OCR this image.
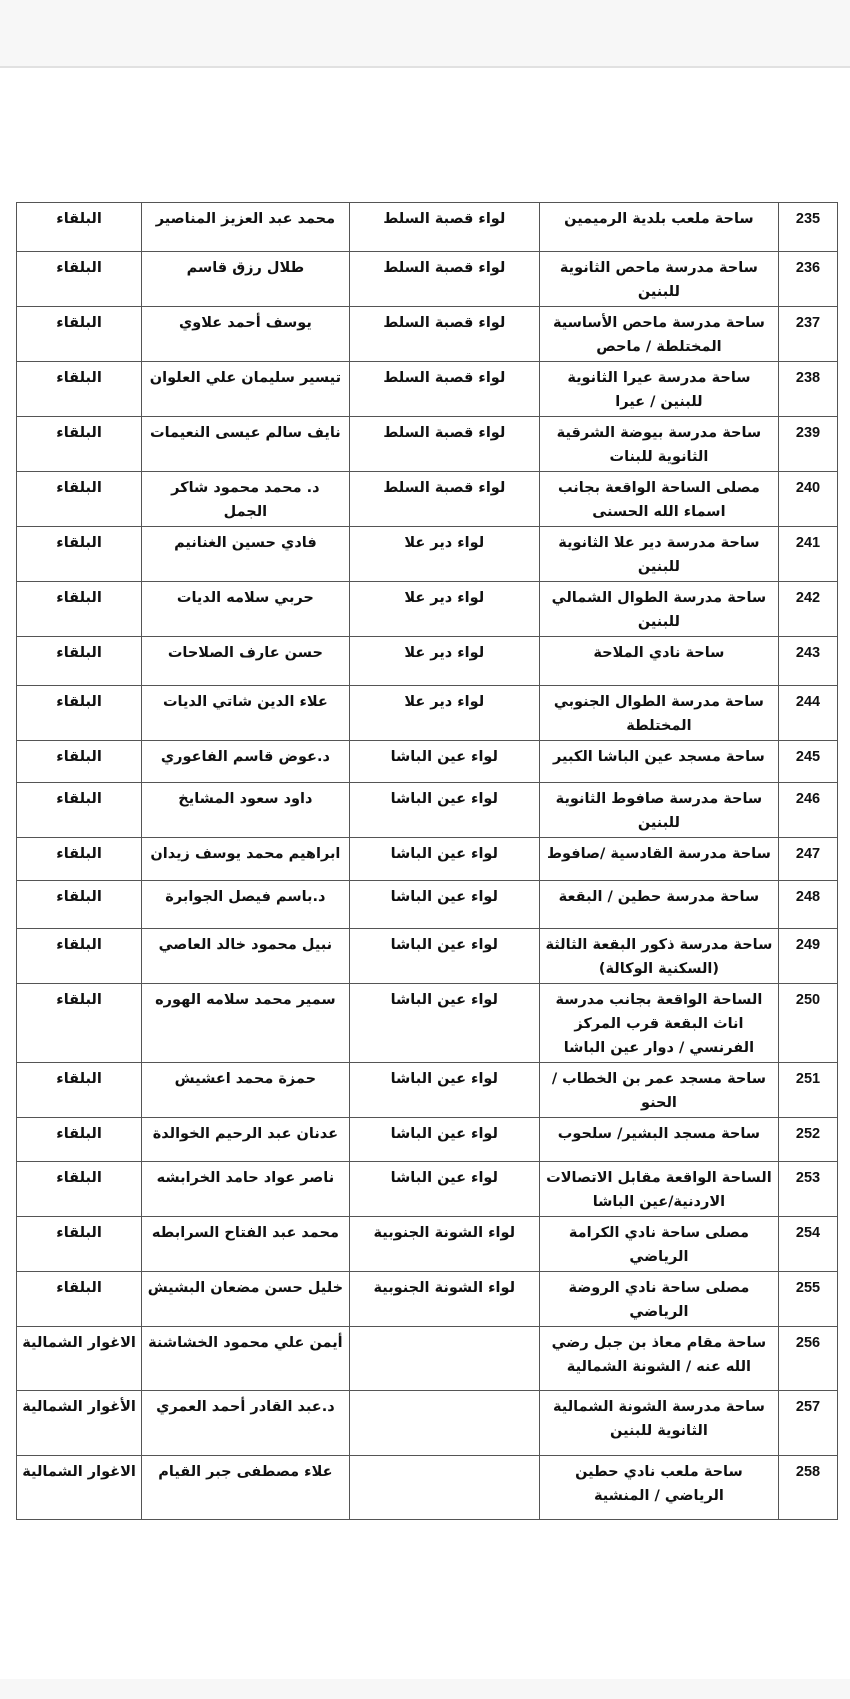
البلقاء	محمد عبد العزيز المناصير	لواء قصبة السلط	ساحة ملعب بلدية الرميمين	235
البلقاء	طلال رزق قاسم	لواء قصبة السلط	ساحة مدرسة ماحص الثانوية للبنين	236
البلقاء	يوسف أحمد علاوي	لواء قصبة السلط	ساحة مدرسة ماحص الأساسية المختلطة / ماحص	237
البلقاء	تيسير سليمان علي العلوان	لواء قصبة السلط	ساحة مدرسة عيرا الثانوية للبنين / عيرا	238
البلقاء	نايف سالم عيسى النعيمات	لواء قصبة السلط	ساحة مدرسة بيوضة الشرقية الثانوية للبنات	239
البلقاء	د. محمد محمود شاكر الجمل	لواء قصبة السلط	مصلى الساحة الواقعة بجانب اسماء الله الحسنى	240
البلقاء	فادي حسين الغنانيم	لواء دير علا	ساحة مدرسة دير علا الثانوية للبنين	241
البلقاء	حربي سلامه الديات	لواء دير علا	ساحة مدرسة الطوال الشمالي للبنين	242
البلقاء	حسن عارف الصلاحات	لواء دير علا	ساحة نادي الملاحة	243
البلقاء	علاء الدين شاتي الديات	لواء دير علا	ساحة مدرسة الطوال الجنوبي المختلطة	244
البلقاء	د.عوض قاسم الفاعوري	لواء عين الباشا	ساحة مسجد عين الباشا الكبير	245
البلقاء	داود سعود المشايخ	لواء عين الباشا	ساحة مدرسة صافوط الثانوية للبنين	246
البلقاء	ابراهيم محمد يوسف زيدان	لواء عين الباشا	ساحة مدرسة القادسية /صافوط	247
البلقاء	د.باسم فيصل الجوابرة	لواء عين الباشا	ساحة مدرسة حطين / البقعة	248
البلقاء	نبيل محمود خالد العاصي	لواء عين الباشا	ساحة مدرسة ذكور البقعة الثالثة (السكنية الوكالة)	249
البلقاء	سمير محمد سلامه الهوره	لواء عين الباشا	الساحة الواقعة بجانب مدرسة اناث البقعة قرب المركز الفرنسي / دوار عين الباشا	250
البلقاء	حمزة محمد اعشيش	لواء عين الباشا	ساحة مسجد عمر بن الخطاب / الحنو	251
البلقاء	عدنان عبد الرحيم الخوالدة	لواء عين الباشا	ساحة مسجد البشير/ سلحوب	252
البلقاء	ناصر عواد حامد الخرابشه	لواء عين الباشا	الساحة الواقعة مقابل الاتصالات الاردنية/عين الباشا	253
البلقاء	محمد عبد الفتاح السرابطه	لواء الشونة الجنوبية	مصلى ساحة نادي الكرامة الرياضي	254
البلقاء	خليل حسن مضعان البشيش	لواء الشونة الجنوبية	مصلى ساحة نادي الروضة الرياضي	255
الاغوار الشمالية	أيمن علي محمود الخشاشنة		ساحة مقام معاذ بن جبل رضي الله عنه / الشونة الشمالية	256
الأغوار الشمالية	د.عبد القادر أحمد العمري		ساحة مدرسة الشونة الشمالية الثانوية للبنين	257
الاغوار الشمالية	علاء مصطفى جبر القيام		ساحة ملعب نادي حطين الرياضي / المنشية	258
